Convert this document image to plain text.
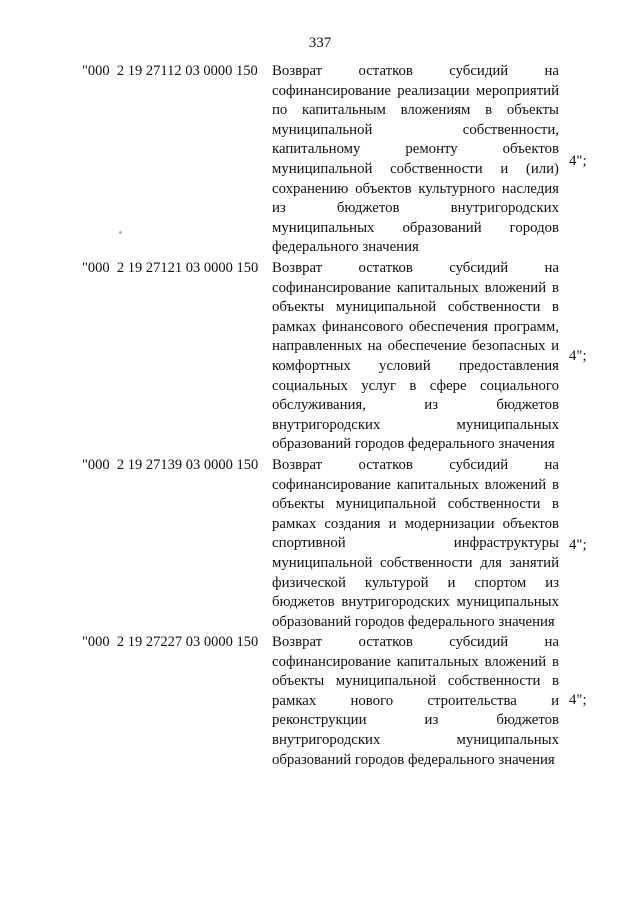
337
"000  2 19 27112 03 0000 150 Возврат остатков субсидий на
софинансирование реализации мероприятий
по капитальным вложениям в объекты
муниципальной собственности,
капитальному ремонту объектов
муниципальной собственности и (или)
сохранению объектов культурного наследия
из бюджетов внутригородских
муниципальных образований городов
федерального значения
4";
"000  2 19 27121 03 0000 150 Возврат остатков субсидий на
софинансирование капитальных вложений в
объекты муниципальной собственности в
рамках финансового обеспечения программ,
направленных на обеспечение безопасных и
комфортных условий предоставления
социальных услуг в сфере социального
обслуживания, из бюджетов
внутригородских муниципальных
образований городов федерального значения
4";
"000  2 19 27139 03 0000 150 Возврат остатков субсидий на
софинансирование капитальных вложений в
объекты муниципальной собственности в
рамках создания и модернизации объектов
спортивной инфраструктуры
муниципальной собственности для занятий
физической культурой и спортом из
бюджетов внутригородских муниципальных
образований городов федерального значения
4";
"000  2 19 27227 03 0000 150 Возврат остатков субсидий на
софинансирование капитальных вложений в
объекты муниципальной собственности в
рамках нового строительства и
реконструкции из бюджетов
внутригородских муниципальных
образований городов федерального значения
4";
